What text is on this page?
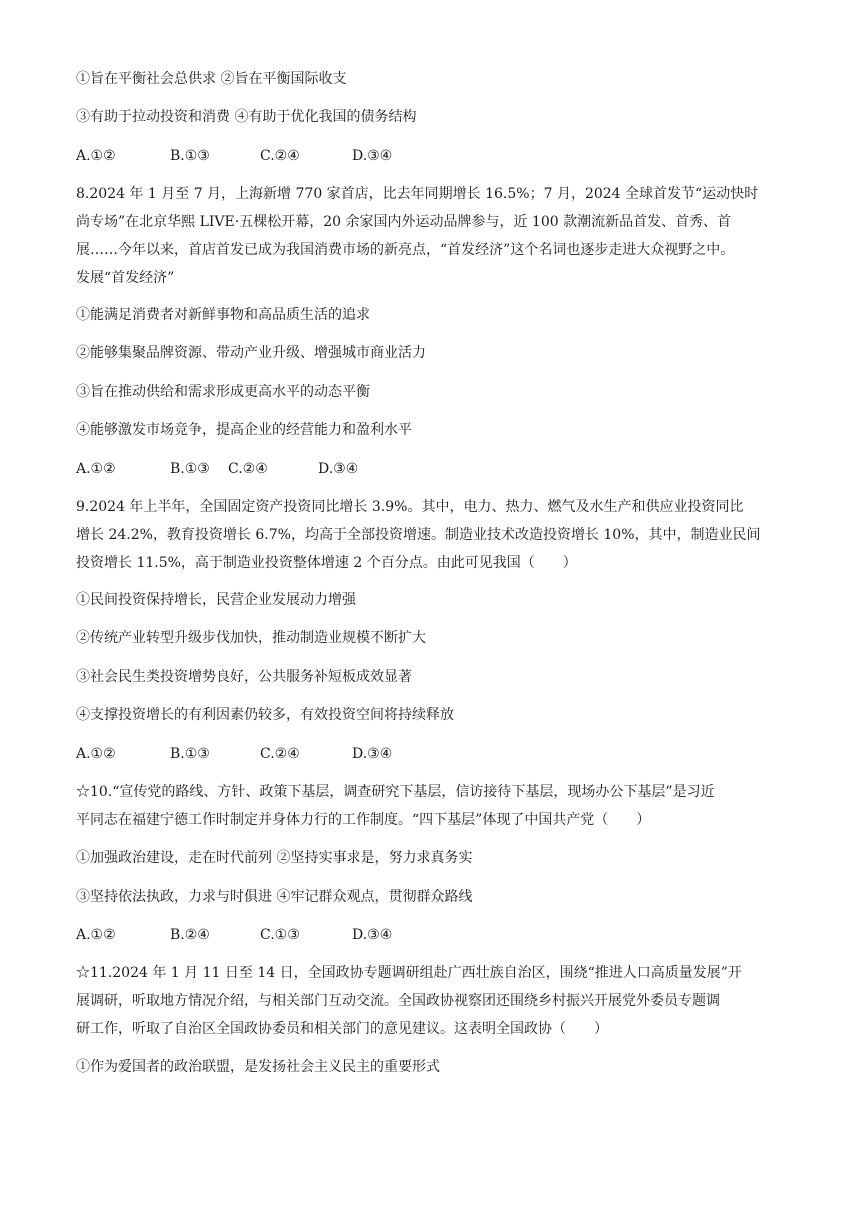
①旨在平衡社会总供求 ②旨在平衡国际收支
③有助于拉动投资和消费 ④有助于优化我国的债务结构
A.①②	B.①③	C.②④	D.③④
8.2024 年 1 月至 7 月，上海新增 770 家首店，比去年同期增长 16.5%；7 月，2024 全球首发节“运动快时
尚专场”在北京华熙 LIVE·五棵松开幕，20 余家国内外运动品牌参与，近 100 款潮流新品首发、首秀、首
展……今年以来，首店首发已成为我国消费市场的新亮点，“首发经济”这个名词也逐步走进大众视野之中。
发展“首发经济”
①能满足消费者对新鲜事物和高品质生活的追求
②能够集聚品牌资源、带动产业升级、增强城市商业活力
③旨在推动供给和需求形成更高水平的动态平衡
④能够激发市场竞争，提高企业的经营能力和盈利水平
A.①②	B.①③ C.②④	D.③④
9.2024 年上半年，全国固定资产投资同比增长 3.9%。其中，电力、热力、燃气及水生产和供应业投资同比
增长 24.2%，教育投资增长 6.7%，均高于全部投资增速。制造业技术改造投资增长 10%，其中，制造业民间
投资增长 11.5%，高于制造业投资整体增速 2 个百分点。由此可见我国（　　）
①民间投资保持增长，民营企业发展动力增强
②传统产业转型升级步伐加快，推动制造业规模不断扩大
③社会民生类投资增势良好，公共服务补短板成效显著
④支撑投资增长的有利因素仍较多，有效投资空间将持续释放
A.①②	B.①③	C.②④	D.③④
☆10.“宣传党的路线、方针、政策下基层，调查研究下基层，信访接待下基层，现场办公下基层”是习近
平同志在福建宁德工作时制定并身体力行的工作制度。“四下基层”体现了中国共产党（　　）
①加强政治建设，走在时代前列 ②坚持实事求是，努力求真务实
③坚持依法执政，力求与时俱进 ④牢记群众观点，贯彻群众路线
A.①②	B.②④	C.①③	D.③④
☆11.2024 年 1 月 11 日至 14 日，全国政协专题调研组赴广西壮族自治区，围绕“推进人口高质量发展”开
展调研，听取地方情况介绍，与相关部门互动交流。全国政协视察团还围绕乡村振兴开展党外委员专题调
研工作，听取了自治区全国政协委员和相关部门的意见建议。这表明全国政协（　　）
①作为爱国者的政治联盟，是发扬社会主义民主的重要形式
